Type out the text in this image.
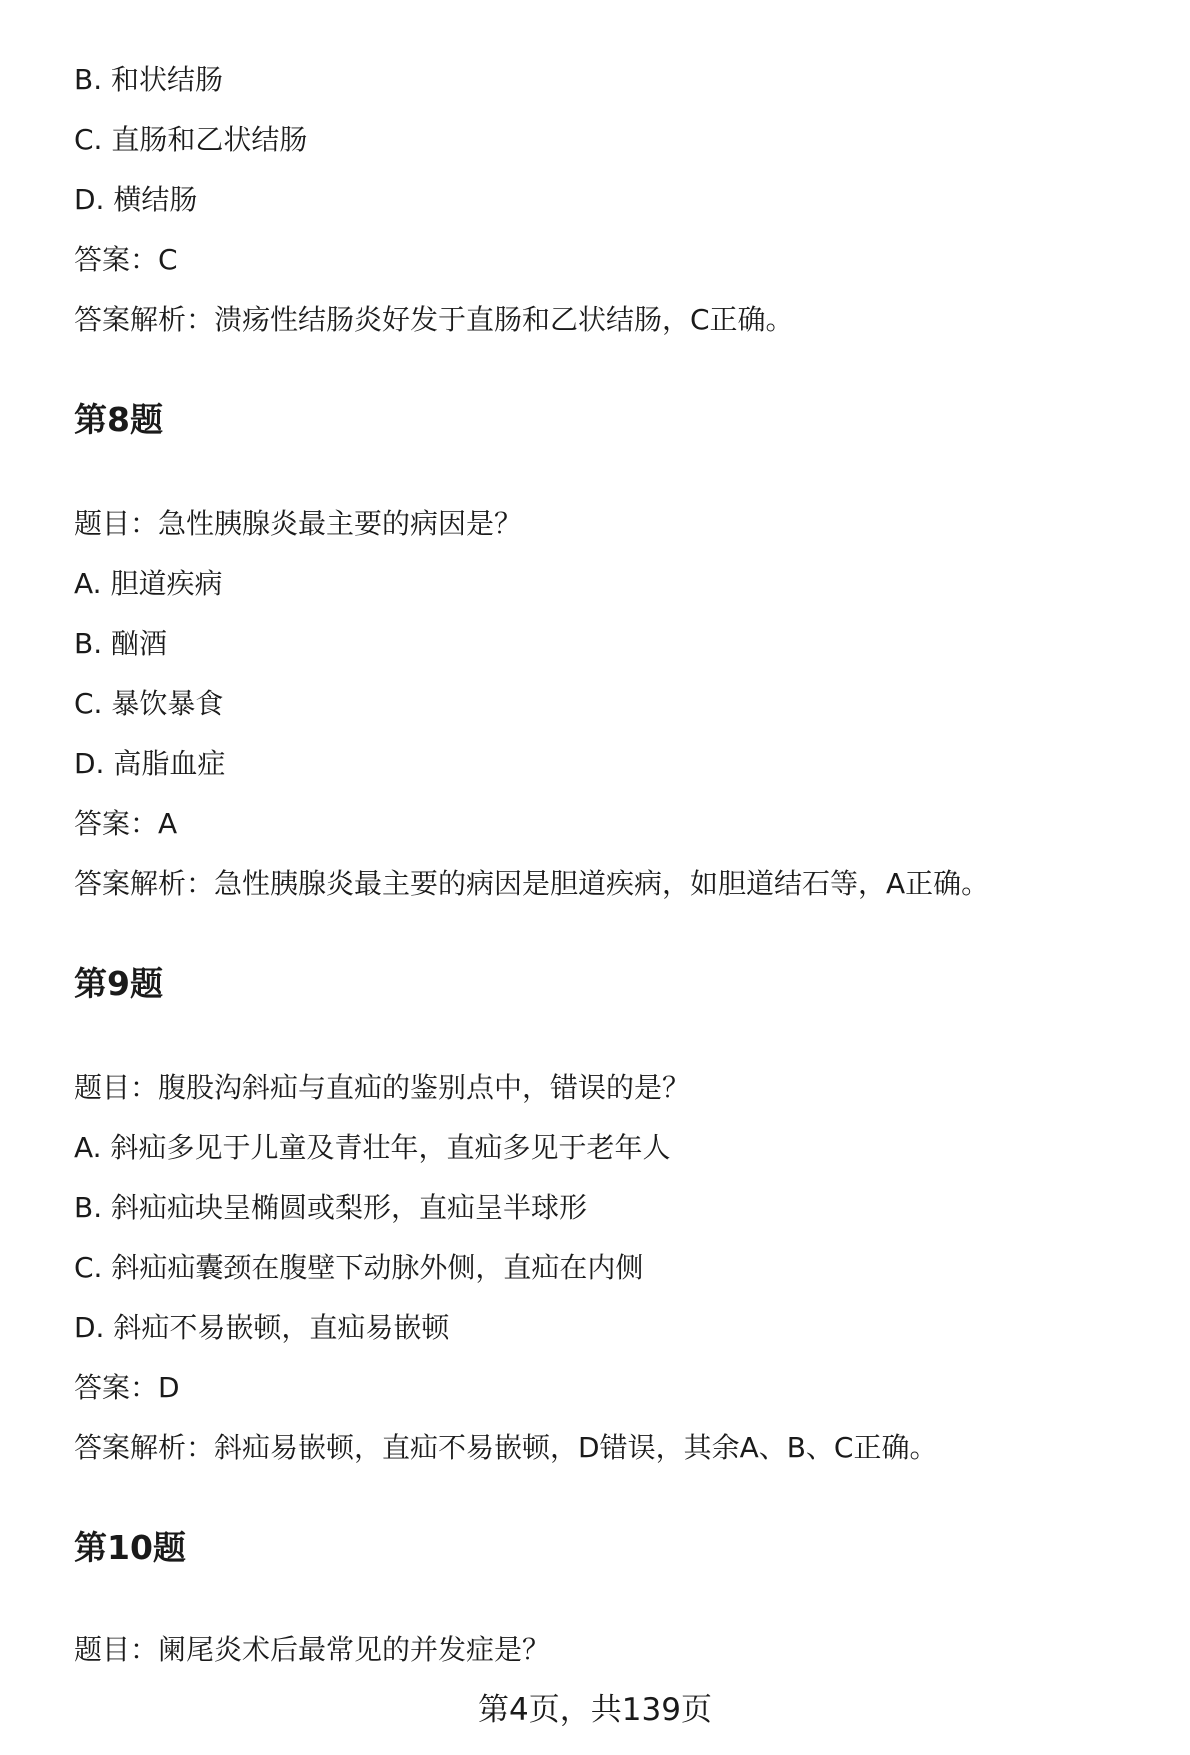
B. 和状结肠
C. 直肠和乙状结肠
D. 横结肠
答案：C
答案解析：溃疡性结肠炎好发于直肠和乙状结肠，C正确。
第8题
题目：急性胰腺炎最主要的病因是？
A. 胆道疾病
B. 酗酒
C. 暴饮暴食
D. 高脂血症
答案：A
答案解析：急性胰腺炎最主要的病因是胆道疾病，如胆道结石等，A正确。
第9题
题目：腹股沟斜疝与直疝的鉴别点中，错误的是？
A. 斜疝多见于儿童及青壮年，直疝多见于老年人
B. 斜疝疝块呈椭圆或梨形，直疝呈半球形
C. 斜疝疝囊颈在腹壁下动脉外侧，直疝在内侧
D. 斜疝不易嵌顿，直疝易嵌顿
答案：D
答案解析：斜疝易嵌顿，直疝不易嵌顿，D错误，其余A、B、C正确。
第10题
题目：阑尾炎术后最常见的并发症是？
第4页，共139页
